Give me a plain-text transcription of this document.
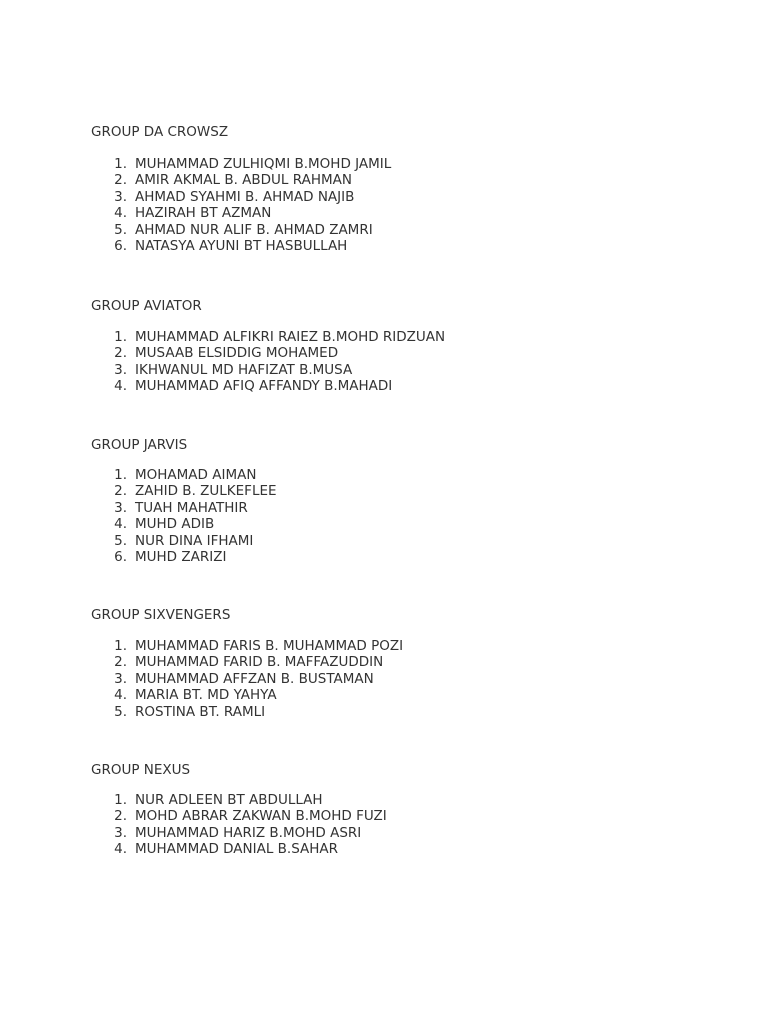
GROUP DA CROWSZ
1. MUHAMMAD ZULHIQMI B.MOHD JAMIL
2. AMIR AKMAL B. ABDUL RAHMAN
3. AHMAD SYAHMI B. AHMAD NAJIB
4. HAZIRAH BT AZMAN
5. AHMAD NUR ALIF B. AHMAD ZAMRI
6. NATASYA AYUNI BT HASBULLAH
GROUP AVIATOR
1. MUHAMMAD ALFIKRI RAIEZ B.MOHD RIDZUAN
2. MUSAAB ELSIDDIG MOHAMED
3. IKHWANUL MD HAFIZAT B.MUSA
4. MUHAMMAD AFIQ AFFANDY B.MAHADI
GROUP JARVIS
1. MOHAMAD AIMAN
2. ZAHID B. ZULKEFLEE
3. TUAH MAHATHIR
4. MUHD ADIB
5. NUR DINA IFHAMI
6. MUHD ZARIZI
GROUP SIXVENGERS
1. MUHAMMAD FARIS B. MUHAMMAD POZI
2. MUHAMMAD FARID B. MAFFAZUDDIN
3. MUHAMMAD AFFZAN B. BUSTAMAN
4. MARIA BT. MD YAHYA
5. ROSTINA BT. RAMLI
GROUP NEXUS
1. NUR ADLEEN BT ABDULLAH
2. MOHD ABRAR ZAKWAN B.MOHD FUZI
3. MUHAMMAD HARIZ B.MOHD ASRI
4. MUHAMMAD DANIAL B.SAHAR
